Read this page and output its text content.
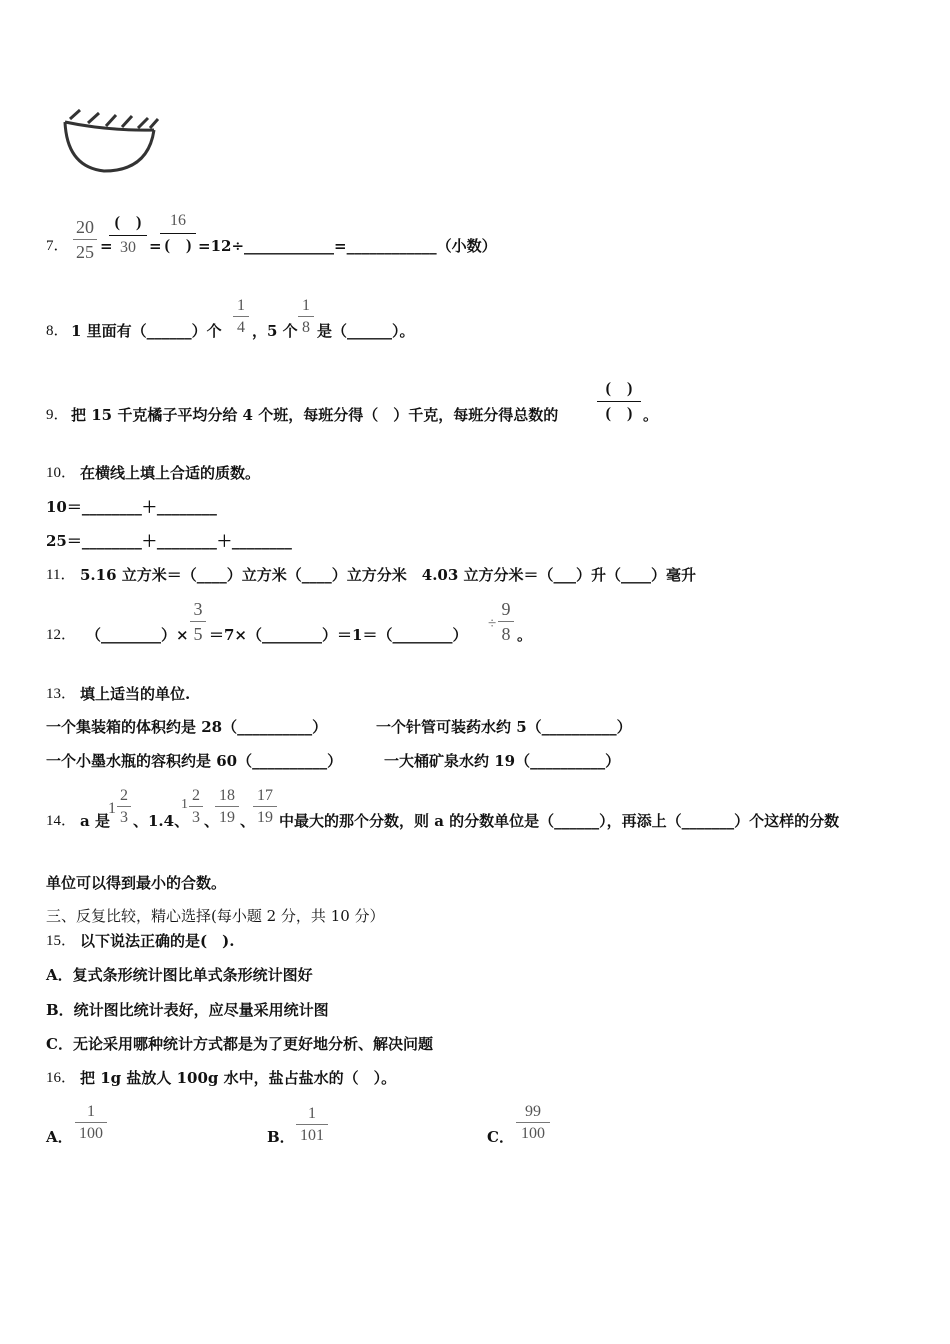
7．
20
25 =
(　)
30 =
16
(　) =12÷____________=____________（小数）
8． 1 里面有（______）个
1
4 ，5 个
1
8 是（______）。
9． 把 15 千克橘子平均分给 4 个班，每班分得（　）千克，每班分得总数的
(　)
(　) 。
10． 在横线上填上合适的质数。
10＝________＋________
25＝________＋________＋________
11． 5.16 立方米＝（____）立方米（____）立方分米　4.03 立方分米＝（___）升（____）毫升
12． （________）×
3
5 ＝7×（________）＝1＝（________）
÷
9
8 。
13． 填上适当的单位.
一个集装箱的体积约是 28（__________）	一个针管可装药水约 5（__________）
一个小墨水瓶的容积约是 60（__________）	一大桶矿泉水约 19（__________）
14． a 是
1
2
3 、1.4、
1
2
3 、
18
19 、
17
19 中最大的那个分数，则 a 的分数单位是（______），再添上（_______）个这样的分数
单位可以得到最小的合数。
三、反复比较，精心选择(每小题 2 分，共 10 分）
15． 以下说法正确的是(　).
A．复式条形统计图比单式条形统计图好
B．统计图比统计表好，应尽量采用统计图
C．无论采用哪种统计方式都是为了更好地分析、解决问题
16． 把 1g 盐放人 100g 水中，盐占盐水的（　）。
A．
1
100	B．
1
101	C．
99
100
